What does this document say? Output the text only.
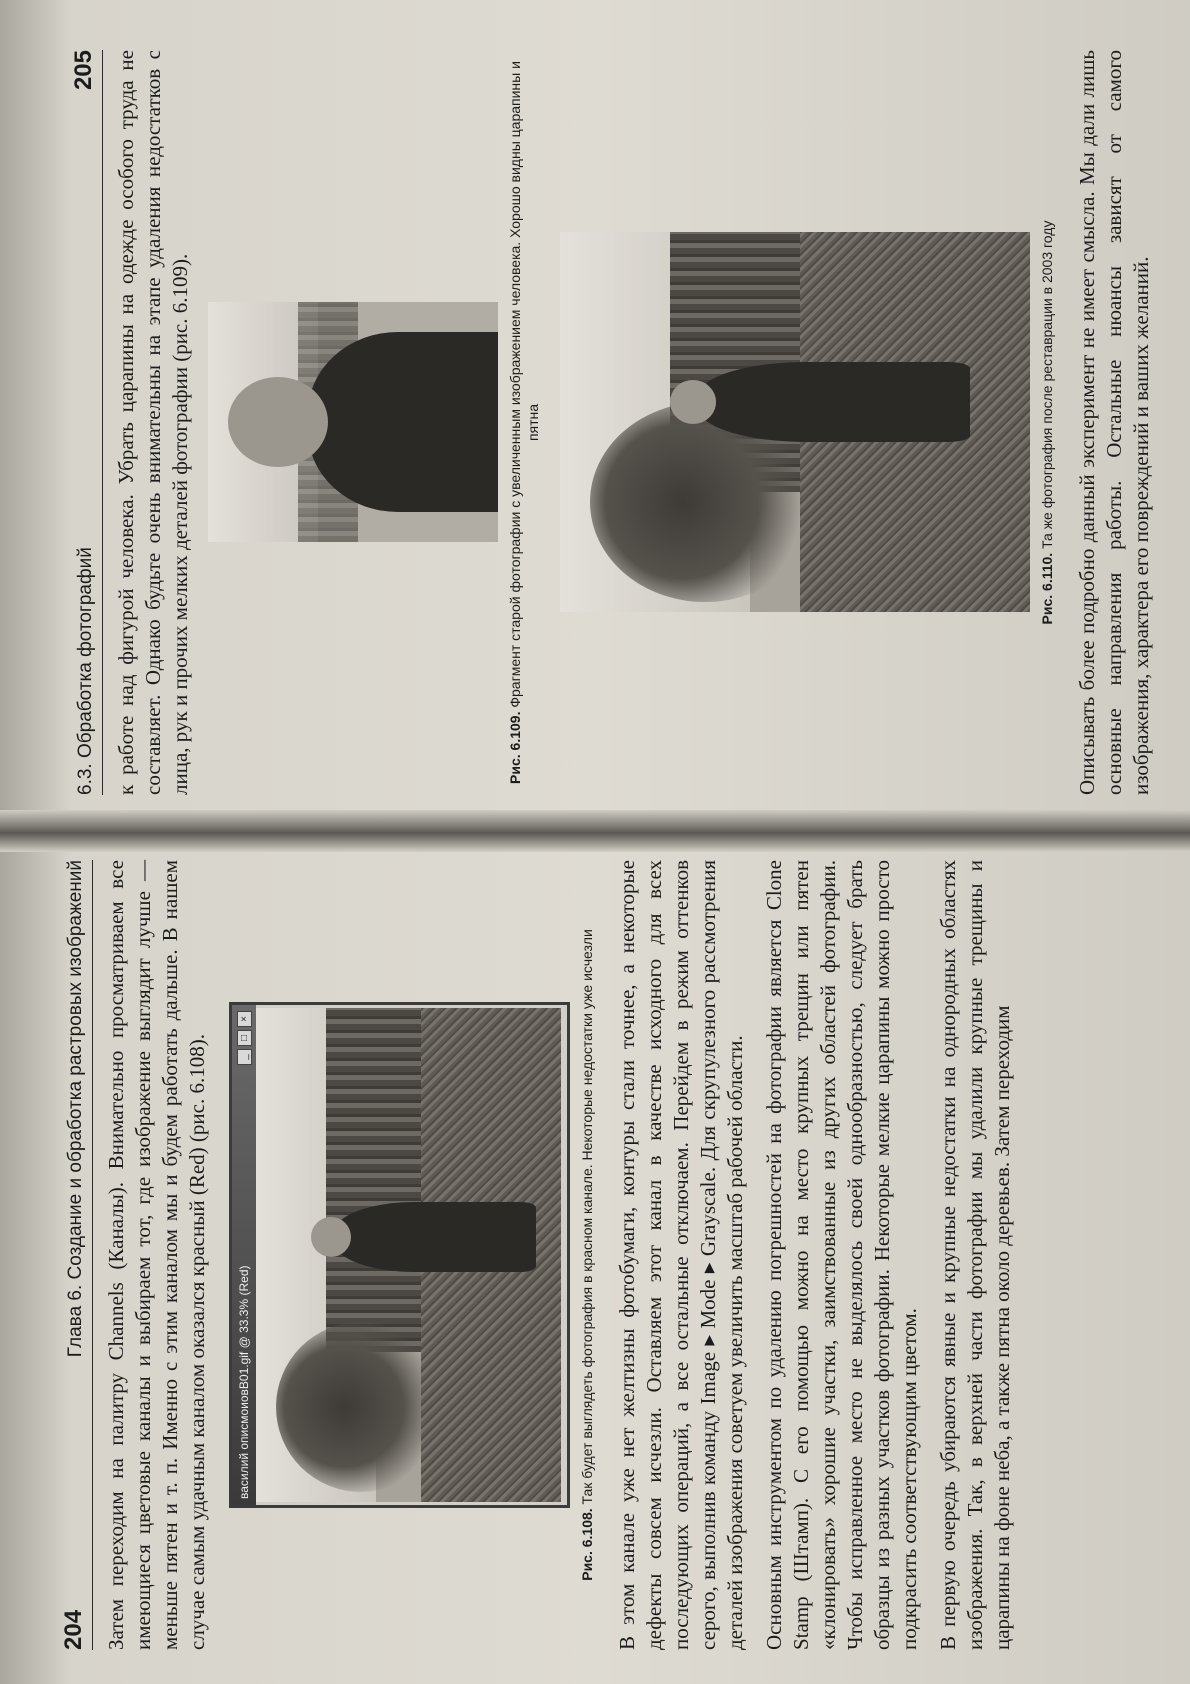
204
Глава 6. Создание и обработка растровых изображений Затем переходим на палитру Channels (Каналы). Внимательно просматриваем все имеющиеся цветовые каналы и выбираем тот, где изображение выглядит лучше — меньше пятен и т. п. Именно с этим каналом мы и будем работать дальше. В нашем случае самым удачным каналом оказался красный (Red) (рис. 6.108). василий описмоиовB01.gif @ 33.3% (Red)
_
□
×
Рис. 6.108. Так будет выглядеть фотография в красном канале. Некоторые недостатки уже исчезли В этом канале уже нет желтизны фотобумаги, контуры стали точнее, а некоторые дефекты совсем исчезли. Оставляем этот канал в качестве исходного для всех последующих операций, а все остальные отключаем. Перейдем в режим оттенков серого, выполнив команду Image ▸ Mode ▸ Grayscale. Для скрупулезного рассмотрения деталей изображения советуем увеличить масштаб рабочей области. Основным инструментом по удалению погрешностей на фотографии является Clone Stamp (Штамп). С его помощью можно на место крупных трещин или пятен «клонировать» хорошие участки, заимствованные из других областей фотографии. Чтобы исправленное место не выделялось своей однообразностью, следует брать образцы из разных участков фотографии. Некоторые мелкие царапины можно просто подкрасить соответствующим цветом. В первую очередь убираются явные и крупные недостатки на однородных областях изображения. Так, в верхней части фотографии мы удалили крупные трещины и царапины на фоне неба, а также пятна около деревьев. Затем переходим

6.3. Обработка фотографий
205 к работе над фигурой человека. Убрать царапины на одежде особого труда не составляет. Однако будьте очень внимательны на этапе удаления недостатков с лица, рук и прочих мелких деталей фотографии (рис. 6.109).	Рис. 6.109. Фрагмент старой фотографии с увеличенным изображением человека. Хорошо видны царапины и пятна
Рис. 6.110. Та же фотография после реставрации в 2003 году Описывать более подробно данный эксперимент не имеет смысла. Мы дали лишь основные направления работы. Остальные нюансы зависят от самого изображения, характера его повреждений и ваших желаний.
